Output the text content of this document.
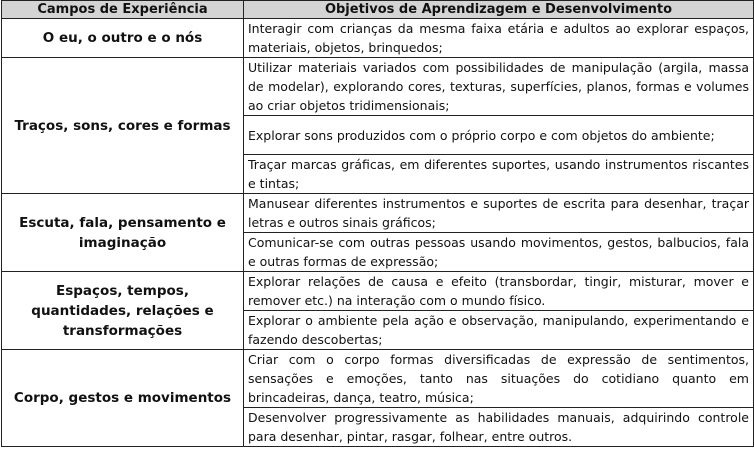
Campos de Experiência	Objetivos de Aprendizagem e Desenvolvimento
O eu, o outro e o nós	Interagir com crianças da mesma faixa etária e adultos ao explorar espaços, materiais, objetos, brinquedos;
Traços, sons, cores e formas	Utilizar materiais variados com possibilidades de manipulação (argila, massa de modelar), explorando cores, texturas, superfícies, planos, formas e volumes ao criar objetos tridimensionais;
	Explorar sons produzidos com o próprio corpo e com objetos do ambiente;
	Traçar marcas gráficas, em diferentes suportes, usando instrumentos riscantes e tintas;
Escuta, fala, pensamento e imaginação	Manusear diferentes instrumentos e suportes de escrita para desenhar, traçar letras e outros sinais gráficos;
	Comunicar-se com outras pessoas usando movimentos, gestos, balbucios, fala e outras formas de expressão;
Espaços, tempos, quantidades, relações e transformações	Explorar relações de causa e efeito (transbordar, tingir, misturar, mover e remover etc.) na interação com o mundo físico.
	Explorar o ambiente pela ação e observação, manipulando, experimentando e fazendo descobertas;
Corpo, gestos e movimentos	Criar com o corpo formas diversificadas de expressão de sentimentos, sensações e emoções, tanto nas situações do cotidiano quanto em brincadeiras, dança, teatro, música;
	Desenvolver progressivamente as habilidades manuais, adquirindo controle para desenhar, pintar, rasgar, folhear, entre outros.
